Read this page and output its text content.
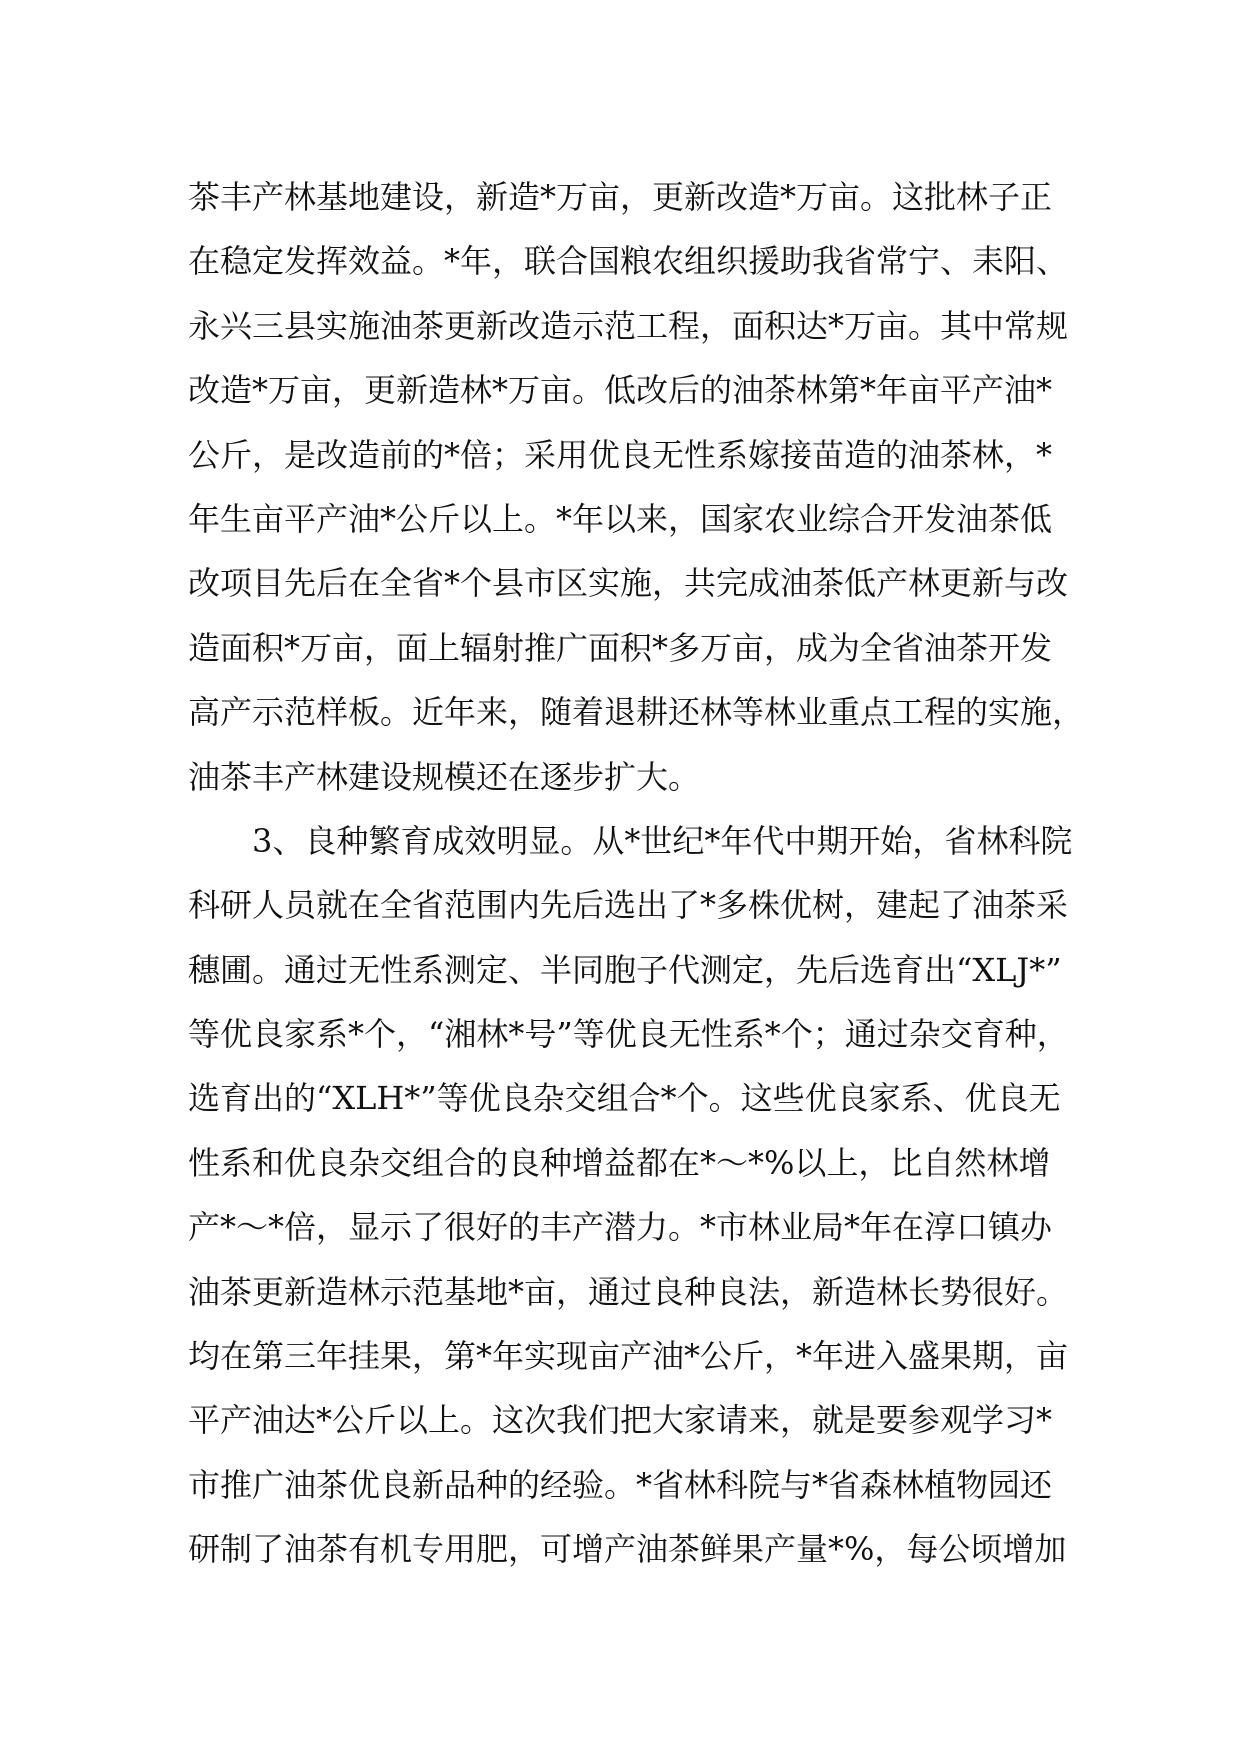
茶丰产林基地建设，新造*万亩，更新改造*万亩。这批林子正
在稳定发挥效益。*年，联合国粮农组织援助我省常宁、耒阳、
永兴三县实施油茶更新改造示范工程，面积达*万亩。其中常规
改造*万亩，更新造林*万亩。低改后的油茶林第*年亩平产油*
公斤，是改造前的*倍；采用优良无性系嫁接苗造的油茶林，*
年生亩平产油*公斤以上。*年以来，国家农业综合开发油茶低
改项目先后在全省*个县市区实施，共完成油茶低产林更新与改
造面积*万亩，面上辐射推广面积*多万亩，成为全省油茶开发
高产示范样板。近年来，随着退耕还林等林业重点工程的实施，
油茶丰产林建设规模还在逐步扩大。
3、良种繁育成效明显。从*世纪*年代中期开始，省林科院
科研人员就在全省范围内先后选出了*多株优树，建起了油茶采
穗圃。通过无性系测定、半同胞子代测定，先后选育出“XLJ*”
等优良家系*个，“湘林*号”等优良无性系*个；通过杂交育种，
选育出的“XLH*”等优良杂交组合*个。这些优良家系、优良无
性系和优良杂交组合的良种增益都在*～*%以上，比自然林增
产*～*倍，显示了很好的丰产潜力。*市林业局*年在淳口镇办
油茶更新造林示范基地*亩，通过良种良法，新造林长势很好。
均在第三年挂果，第*年实现亩产油*公斤，*年进入盛果期，亩
平产油达*公斤以上。这次我们把大家请来，就是要参观学习*
市推广油茶优良新品种的经验。*省林科院与*省森林植物园还
研制了油茶有机专用肥，可增产油茶鲜果产量*%，每公顷增加
